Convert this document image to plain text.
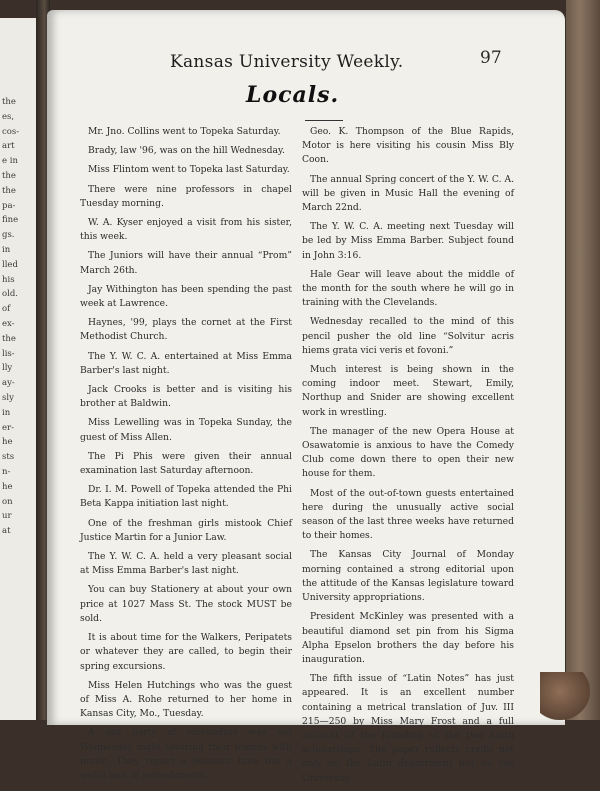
the
es,
cos-
art
e in
the
the
pa-
fine
gs.
in
lled
his
old.
of
ex-
the
lis-
lly
ay-
sly
in
er-
he
sts
n-
he
on
ur
at
Kansas University Weekly.	97
Locals.

Mr. Jno. Collins went to Topeka Saturday.

Brady, law '96, was on the hill Wednesday.

Miss Flintom went to Topeka last Saturday.

There were nine professors in chapel Tuesday morning.

W. A. Kyser enjoyed a visit from his sister, this week.

The Juniors will have their annual “Prom” March 26th.

Jay Withington has been spending the past week at Lawrence.

Haynes, '99, plays the cornet at the First Methodist Church.

The Y. W. C. A. entertained at Miss Emma Barber's last night.

Jack Crooks is better and is visiting his brother at Baldwin.

Miss Lewelling was in Topeka Sunday, the guest of Miss Allen.

The Pi Phis were given their annual examination last Saturday afternoon.

Dr. I. M. Powell of Topeka attended the Phi Beta Kappa initiation last night.

One of the freshman girls mistook Chief Justice Martin for a Junior Law.

The Y. W. C. A. held a very pleasant social at Miss Emma Barber's last night.

You can buy Stationery at about your own price at 1027 Mass St. The stock MUST be sold.

It is about time for the Walkers, Peripatets or whatever they are called, to begin their spring excursions.

Miss Helen Hutchings who was the guest of Miss A. Rohe returned to her home in Kansas City, Mo., Tuesday.

A gay party of serenaders was out Wednesday night favoring their friends with music. They report a pleasant time but a woful lack of refreshments.

Geo. K. Thompson of the Blue Rapids, Motor is here visiting his cousin Miss Bly Coon.

The annual Spring concert of the Y. W. C. A. will be given in Music Hall the evening of March 22nd.

The Y. W. C. A. meeting next Tuesday will be led by Miss Emma Barber. Subject found in John 3:16.

Hale Gear will leave about the middle of the month for the south where he will go in training with the Clevelands.

Wednesday recalled to the mind of this pencil pusher the old line “Solvitur acris hiems grata vici veris et fovoni.”

Much interest is being shown in the coming indoor meet. Stewart, Emily, Northup and Snider are showing excellent work in wrestling.

The manager of the new Opera House at Osawatomie is anxious to have the Comedy Club come down there to open their new house for them.

Most of the out-of-town guests entertained here during the unusually active social season of the last three weeks have returned to their homes.

The Kansas City Journal of Monday morning contained a strong editorial upon the attitude of the Kansas legislature toward University appropriations.

President McKinley was presented with a beautiful diamond set pin from his Sigma Alpha Epselon brothers the day before his inauguration.

The fifth issue of “Latin Notes” has just appeared. It is an excellent number containing a metrical translation of Juv. III 215—250 by Miss Mary Frost and a full account of the founding of the two Latin scholarships. The paper reflects credit not only on the Latin department but on the University.
